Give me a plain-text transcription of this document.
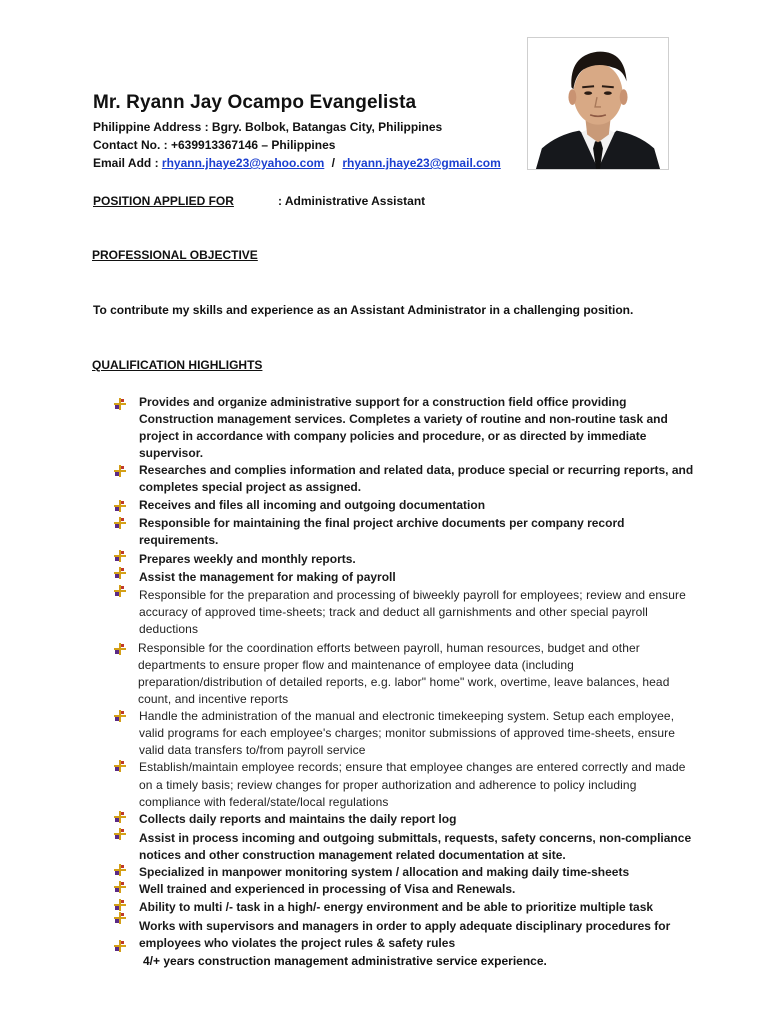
Mr. Ryann Jay Ocampo Evangelista
Philippine Address : Bgry. Bolbok, Batangas City, Philippines
Contact No. : +639913367146 – Philippines
Email Add : rhyann.jhaye23@yahoo.com / rhyann.jhaye23@gmail.com
POSITION APPLIED FOR	: Administrative Assistant
PROFESSIONAL OBJECTIVE
To contribute my skills and experience as an Assistant Administrator in a challenging position.
QUALIFICATION HIGHLIGHTS
Provides and organize administrative support for a construction field office providing Construction management services. Completes a variety of routine and non-routine task and project in accordance with company policies and procedure, or as directed by immediate supervisor.
Researches and complies information and related data, produce special or recurring reports, and completes special project as assigned.
Receives and files all incoming and outgoing documentation
Responsible for maintaining the final project archive documents per company record requirements.
Prepares weekly and monthly reports.
Assist the management for making of payroll
Responsible for the preparation and processing of biweekly payroll for employees; review and ensure accuracy of approved time-sheets; track and deduct all garnishments and other special payroll deductions
Responsible for the coordination efforts between payroll, human resources, budget and other departments to ensure proper flow and maintenance of employee data (including preparation/distribution of detailed reports, e.g. labor" home" work, overtime, leave balances, head count, and incentive reports
Handle the administration of the manual and electronic timekeeping system. Setup each employee, valid programs for each employee's charges; monitor submissions of approved time-sheets, ensure valid data transfers to/from payroll service
Establish/maintain employee records; ensure that employee changes are entered correctly and made on a timely basis; review changes for proper authorization and adherence to policy including compliance with federal/state/local regulations
Collects daily reports and maintains the daily report log
Assist in process incoming and outgoing submittals, requests, safety concerns, non-compliance notices and other construction management related documentation at site.
Specialized in manpower monitoring system / allocation and making daily time-sheets
Well trained and experienced in processing of Visa and Renewals.
Ability to multi /- task in a high/- energy environment and be able to prioritize multiple task
Works with supervisors and managers in order to apply adequate disciplinary procedures for employees who violates the project rules & safety rules
4/+ years construction management administrative service experience.
